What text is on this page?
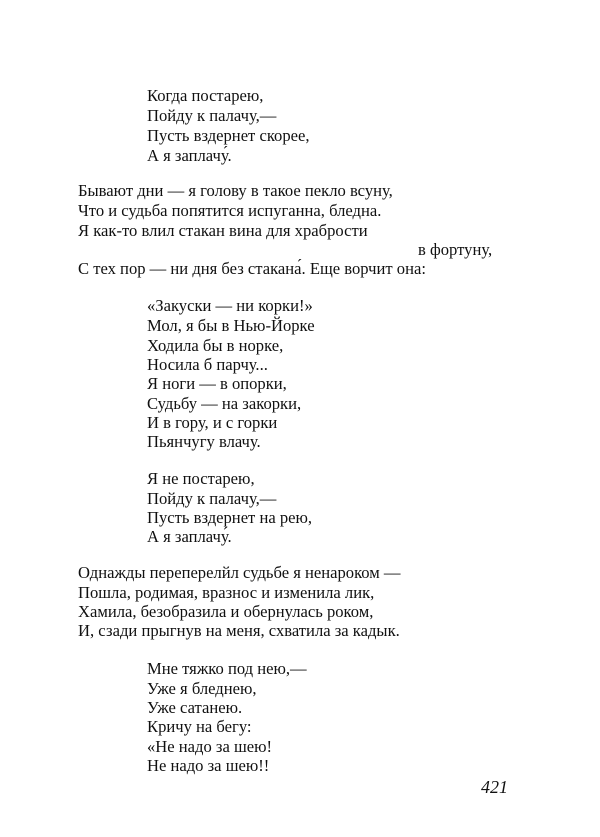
Когда постарею,
Пойду к палачу,—
Пусть вздернет скорее,
А я заплачу́.
Бывают дни — я голову в такое пекло всуну,
Что и судьба попятится испуганна, бледна.
Я как-то влил стакан вина для храбрости
в фортуну,
С тех пор — ни дня без стакана́. Еще ворчит она:
«Закуски — ни корки!»
Мол, я бы в Нью-Йорке
Ходила бы в норке,
Носила б парчу...
Я ноги — в опорки,
Судьбу — на закорки,
И в гору, и с горки
Пьянчугу влачу.
Я не постарею,
Пойду к палачу,—
Пусть вздернет на рею,
А я заплачу́.
Однажды переперелйл судьбе я ненароком —
Пошла, родимая, вразнос и изменила лик,
Хамила, безобразила и обернулась роком,
И, сзади прыгнув на меня, схватила за кадык.
Мне тяжко под нею,—
Уже я бледнею,
Уже сатанею.
Кричу на бегу:
«Не надо за шею!
Не надо за шею!!
421
